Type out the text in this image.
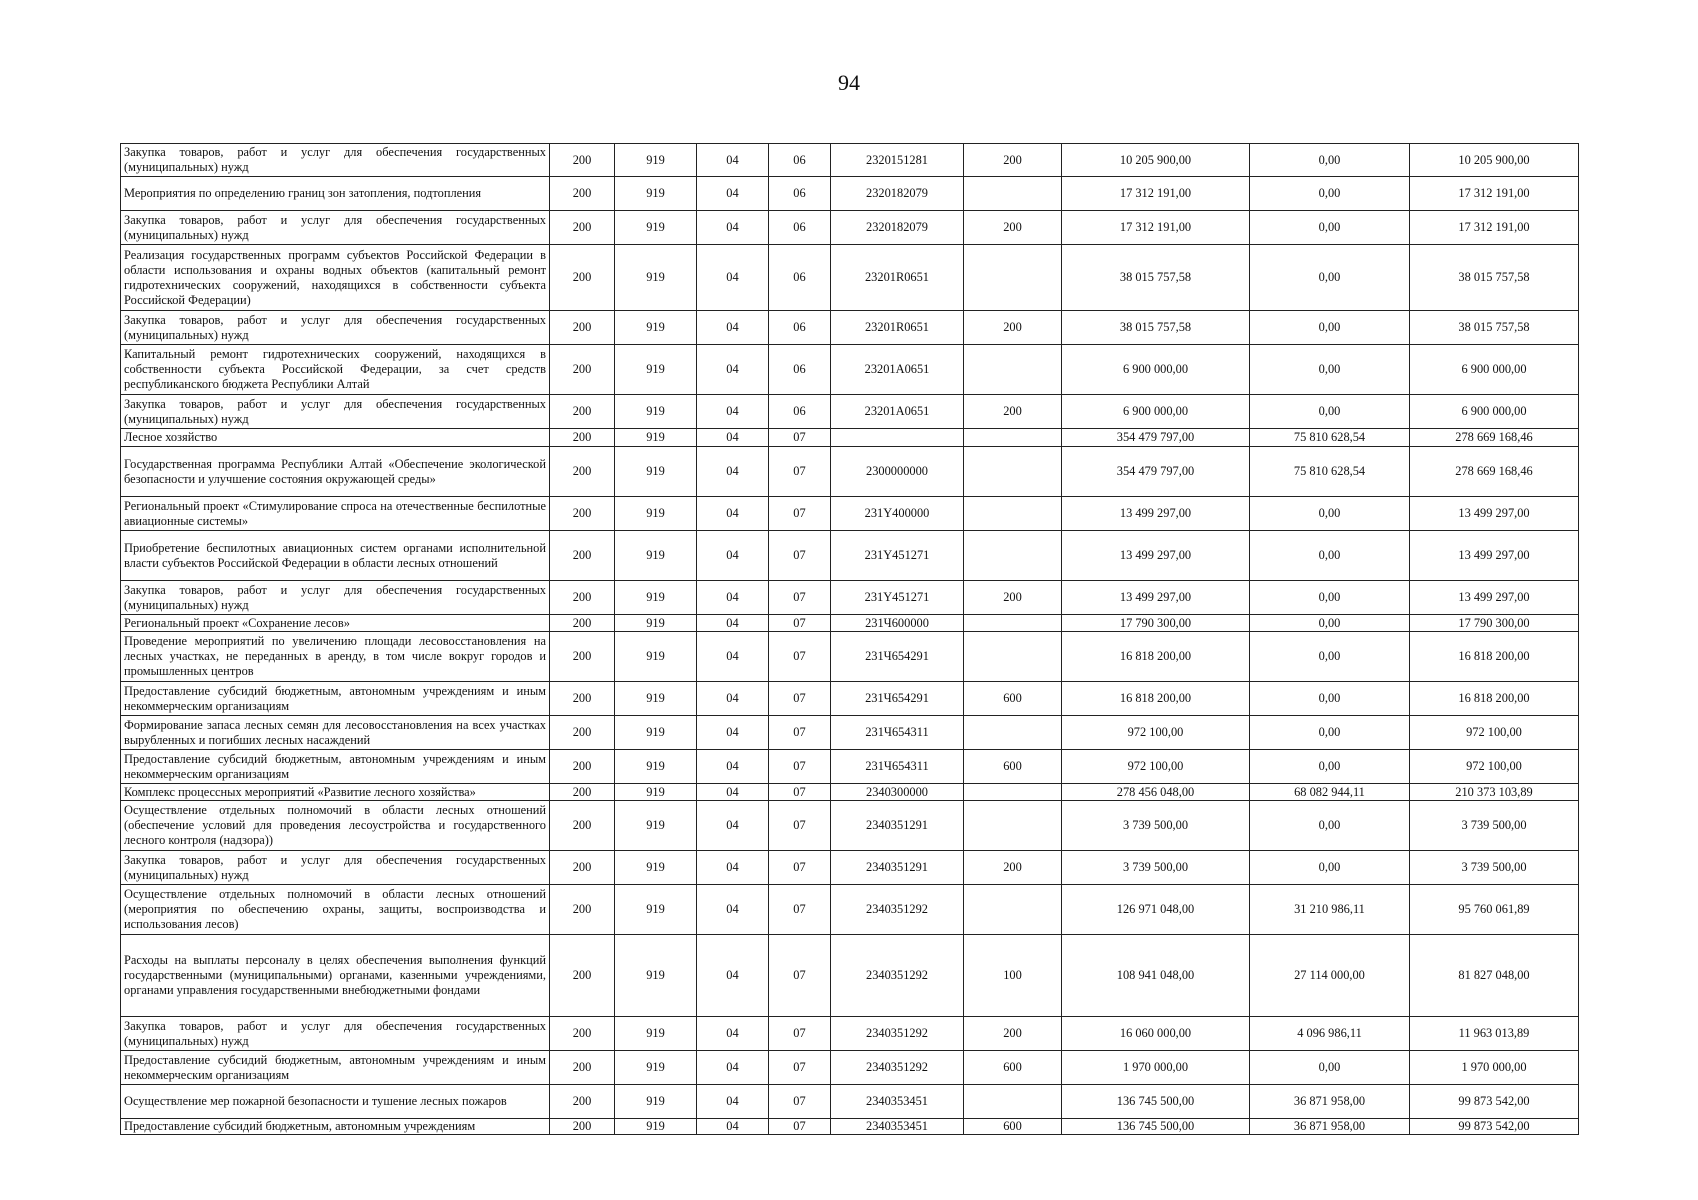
94
Закупка товаров, работ и услуг для обеспечения государственных (муниципальных) нужд	200	919	04	06	2320151281	200	10 205 900,00	0,00	10 205 900,00
Мероприятия по определению границ зон затопления, подтопления	200	919	04	06	2320182079		17 312 191,00	0,00	17 312 191,00
Закупка товаров, работ и услуг для обеспечения государственных (муниципальных) нужд	200	919	04	06	2320182079	200	17 312 191,00	0,00	17 312 191,00
Реализация государственных программ субъектов Российской Федерации в области использования и охраны водных объектов (капитальный ремонт гидротехнических сооружений, находящихся в собственности субъекта Российской Федерации)	200	919	04	06	23201R0651		38 015 757,58	0,00	38 015 757,58
Закупка товаров, работ и услуг для обеспечения государственных (муниципальных) нужд	200	919	04	06	23201R0651	200	38 015 757,58	0,00	38 015 757,58
Капитальный ремонт гидротехнических сооружений, находящихся в собственности субъекта Российской Федерации, за счет средств республиканского бюджета Республики Алтай	200	919	04	06	23201А0651		6 900 000,00	0,00	6 900 000,00
Закупка товаров, работ и услуг для обеспечения государственных (муниципальных) нужд	200	919	04	06	23201А0651	200	6 900 000,00	0,00	6 900 000,00
Лесное хозяйство	200	919	04	07			354 479 797,00	75 810 628,54	278 669 168,46
Государственная программа Республики Алтай «Обеспечение экологической безопасности и улучшение состояния окружающей среды»	200	919	04	07	2300000000		354 479 797,00	75 810 628,54	278 669 168,46
Региональный проект «Стимулирование спроса на отечественные беспилотные авиационные системы»	200	919	04	07	231Y400000		13 499 297,00	0,00	13 499 297,00
Приобретение беспилотных авиационных систем органами исполнительной власти субъектов Российской Федерации в области лесных отношений	200	919	04	07	231Y451271		13 499 297,00	0,00	13 499 297,00
Закупка товаров, работ и услуг для обеспечения государственных (муниципальных) нужд	200	919	04	07	231Y451271	200	13 499 297,00	0,00	13 499 297,00
Региональный проект «Сохранение лесов»	200	919	04	07	231Ч600000		17 790 300,00	0,00	17 790 300,00
Проведение мероприятий по увеличению площади лесовосстановления на лесных участках, не переданных в аренду, в том числе вокруг городов и промышленных центров	200	919	04	07	231Ч654291		16 818 200,00	0,00	16 818 200,00
Предоставление субсидий бюджетным, автономным учреждениям и иным некоммерческим организациям	200	919	04	07	231Ч654291	600	16 818 200,00	0,00	16 818 200,00
Формирование запаса лесных семян для лесовосстановления на всех участках вырубленных и погибших лесных насаждений	200	919	04	07	231Ч654311		972 100,00	0,00	972 100,00
Предоставление субсидий бюджетным, автономным учреждениям и иным некоммерческим организациям	200	919	04	07	231Ч654311	600	972 100,00	0,00	972 100,00
Комплекс процессных мероприятий «Развитие лесного хозяйства»	200	919	04	07	2340300000		278 456 048,00	68 082 944,11	210 373 103,89
Осуществление отдельных полномочий в области лесных отношений (обеспечение условий для проведения лесоустройства и государственного лесного контроля (надзора))	200	919	04	07	2340351291		3 739 500,00	0,00	3 739 500,00
Закупка товаров, работ и услуг для обеспечения государственных (муниципальных) нужд	200	919	04	07	2340351291	200	3 739 500,00	0,00	3 739 500,00
Осуществление отдельных полномочий в области лесных отношений (мероприятия по обеспечению охраны, защиты, воспроизводства и использования лесов)	200	919	04	07	2340351292		126 971 048,00	31 210 986,11	95 760 061,89
Расходы на выплаты персоналу в целях обеспечения выполнения функций государственными (муниципальными) органами, казенными учреждениями, органами управления государственными внебюджетными фондами	200	919	04	07	2340351292	100	108 941 048,00	27 114 000,00	81 827 048,00
Закупка товаров, работ и услуг для обеспечения государственных (муниципальных) нужд	200	919	04	07	2340351292	200	16 060 000,00	4 096 986,11	11 963 013,89
Предоставление субсидий бюджетным, автономным учреждениям и иным некоммерческим организациям	200	919	04	07	2340351292	600	1 970 000,00	0,00	1 970 000,00
Осуществление мер пожарной безопасности и тушение лесных пожаров	200	919	04	07	2340353451		136 745 500,00	36 871 958,00	99 873 542,00
Предоставление субсидий бюджетным, автономным учреждениям	200	919	04	07	2340353451	600	136 745 500,00	36 871 958,00	99 873 542,00
